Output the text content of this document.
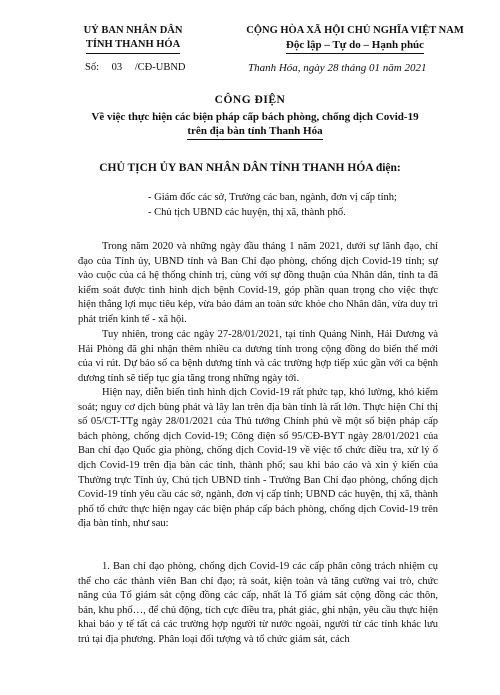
UỶ BAN NHÂN DÂN
TỈNH THANH HÓA
CỘNG HÒA XÃ HỘI CHỦ NGHĨA VIỆT NAM
Độc lập – Tự do – Hạnh phúc
Số: 03 /CĐ-UBND	Thanh Hóa, ngày 28 tháng 01 năm 2021
CÔNG ĐIỆN
Về việc thực hiện các biện pháp cấp bách phòng, chống dịch Covid-19
trên địa bàn tỉnh Thanh Hóa
CHỦ TỊCH ỦY BAN NHÂN DÂN TỈNH THANH HÓA điện:
- Giám đốc các sở, Trưởng các ban, ngành, đơn vị cấp tỉnh;
- Chủ tịch UBND các huyện, thị xã, thành phố.

Trong năm 2020 và những ngày đầu tháng 1 năm 2021, dưới sự lãnh đạo, chỉ đạo của Tỉnh ủy, UBND tỉnh và Ban Chỉ đạo phòng, chống dịch Covid-19 tỉnh; sự vào cuộc của cả hệ thống chính trị, cùng với sự đồng thuận của Nhân dân, tỉnh ta đã kiểm soát được tình hình dịch bệnh Covid-19, góp phần quan trọng cho việc thực hiện thắng lợi mục tiêu kép, vừa bảo đảm an toàn sức khỏe cho Nhân dân, vừa duy trì phát triển kinh tế - xã hội.

Tuy nhiên, trong các ngày 27-28/01/2021, tại tỉnh Quảng Ninh, Hải Dương và Hải Phòng đã ghi nhận thêm nhiều ca dương tính trong cộng đồng do biến thể mới của vi rút. Dự báo số ca bệnh dương tính và các trường hợp tiếp xúc gần với ca bệnh dương tính sẽ tiếp tục gia tăng trong những ngày tới.

Hiện nay, diễn biến tình hình dịch Covid-19 rất phức tạp, khó lường, khó kiểm soát; nguy cơ dịch bùng phát và lây lan trên địa bàn tỉnh là rất lớn. Thực hiện Chỉ thị số 05/CT-TTg ngày 28/01/2021 của Thủ tướng Chính phủ về một số biện pháp cấp bách phòng, chống dịch Covid-19; Công điện số 95/CĐ-BYT ngày 28/01/2021 của Ban chỉ đạo Quốc gia phòng, chống dịch Covid-19 về việc tổ chức điều tra, xử lý ổ dịch Covid-19 trên địa bàn các tỉnh, thành phố; sau khi báo cáo và xin ý kiến của Thường trực Tỉnh ủy, Chủ tịch UBND tỉnh - Trưởng Ban Chỉ đạo phòng, chống dịch Covid-19 tỉnh yêu cầu các sở, ngành, đơn vị cấp tỉnh; UBND các huyện, thị xã, thành phố tổ chức thực hiện ngay các biện pháp cấp bách phòng, chống dịch Covid-19 trên địa bàn tỉnh, như sau:

1. Ban chỉ đạo phòng, chống dịch Covid-19 các cấp phân công trách nhiệm cụ thể cho các thành viên Ban chỉ đạo; rà soát, kiện toàn và tăng cường vai trò, chức năng của Tổ giám sát cộng đồng các cấp, nhất là Tổ giám sát cộng đồng các thôn, bản, khu phố…, để chủ động, tích cực điều tra, phát giác, ghi nhận, yêu cầu thực hiện khai báo y tế tất cả các trường hợp người từ nước ngoài, người từ các tỉnh khác lưu trú tại địa phương. Phân loại đối tượng và tổ chức giám sát, cách
